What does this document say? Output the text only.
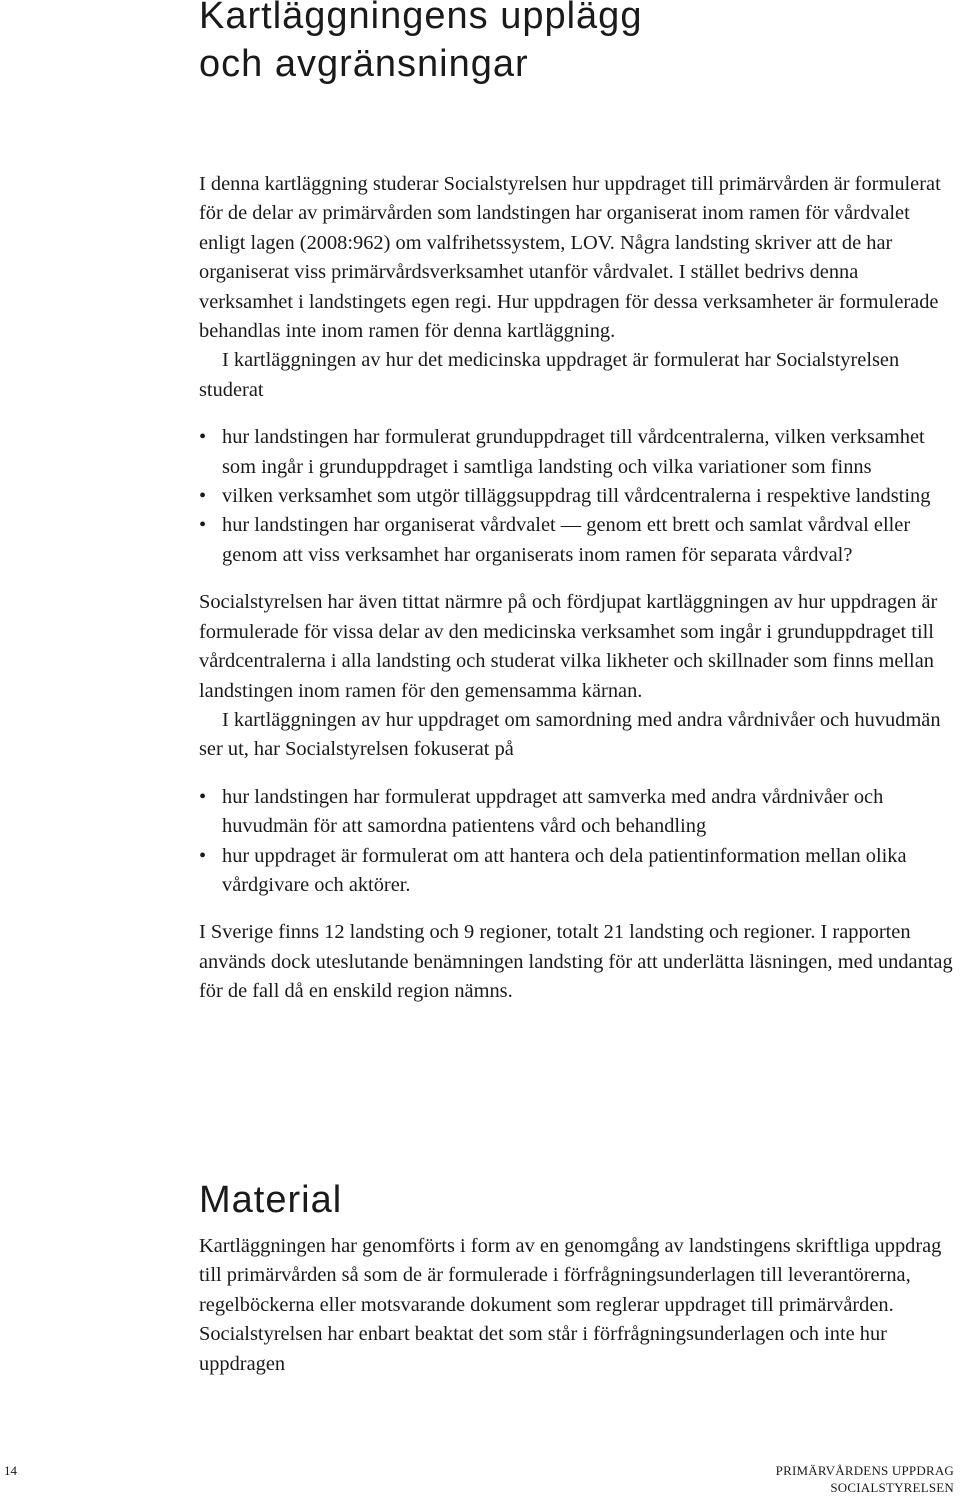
Kartläggningens upplägg
och avgränsningar

I denna kartläggning studerar Socialstyrelsen hur uppdraget till primärvården är formulerat för de delar av primärvården som landstingen har organiserat inom ramen för vårdvalet enligt lagen (2008:962) om valfrihetssystem, LOV. Några landsting skriver att de har organiserat viss primärvårdsverksamhet utanför vårdvalet. I stället bedrivs denna verksamhet i landstingets egen regi. Hur uppdragen för dessa verksamheter är formulerade behandlas inte inom ramen för denna kartläggning.

I kartläggningen av hur det medicinska uppdraget är formulerat har Socialstyrelsen studerat

• hur landstingen har formulerat grunduppdraget till vårdcentralerna, vilken verksamhet som ingår i grunduppdraget i samtliga landsting och vilka variationer som finns
• vilken verksamhet som utgör tilläggsuppdrag till vårdcentralerna i respektive landsting
• hur landstingen har organiserat vårdvalet — genom ett brett och samlat vårdval eller genom att viss verksamhet har organiserats inom ramen för separata vårdval?

Socialstyrelsen har även tittat närmre på och fördjupat kartläggningen av hur uppdragen är formulerade för vissa delar av den medicinska verksamhet som ingår i grunduppdraget till vårdcentralerna i alla landsting och studerat vilka likheter och skillnader som finns mellan landstingen inom ramen för den gemensamma kärnan.

I kartläggningen av hur uppdraget om samordning med andra vårdnivåer och huvudmän ser ut, har Socialstyrelsen fokuserat på

• hur landstingen har formulerat uppdraget att samverka med andra vårdnivåer och huvudmän för att samordna patientens vård och behandling
• hur uppdraget är formulerat om att hantera och dela patientinformation mellan olika vårdgivare och aktörer.

I Sverige finns 12 landsting och 9 regioner, totalt 21 landsting och regioner. I rapporten används dock uteslutande benämningen landsting för att underlätta läsningen, med undantag för de fall då en enskild region nämns.

Material

Kartläggningen har genomförts i form av en genomgång av landstingens skriftliga uppdrag till primärvården så som de är formulerade i förfrågningsunderlagen till leverantörerna, regelböckerna eller motsvarande dokument som reglerar uppdraget till primärvården. Socialstyrelsen har enbart beaktat det som står i förfrågningsunderlagen och inte hur uppdragen

14	PRIMÄRVÅRDENS UPPDRAG
SOCIALSTYRELSEN
